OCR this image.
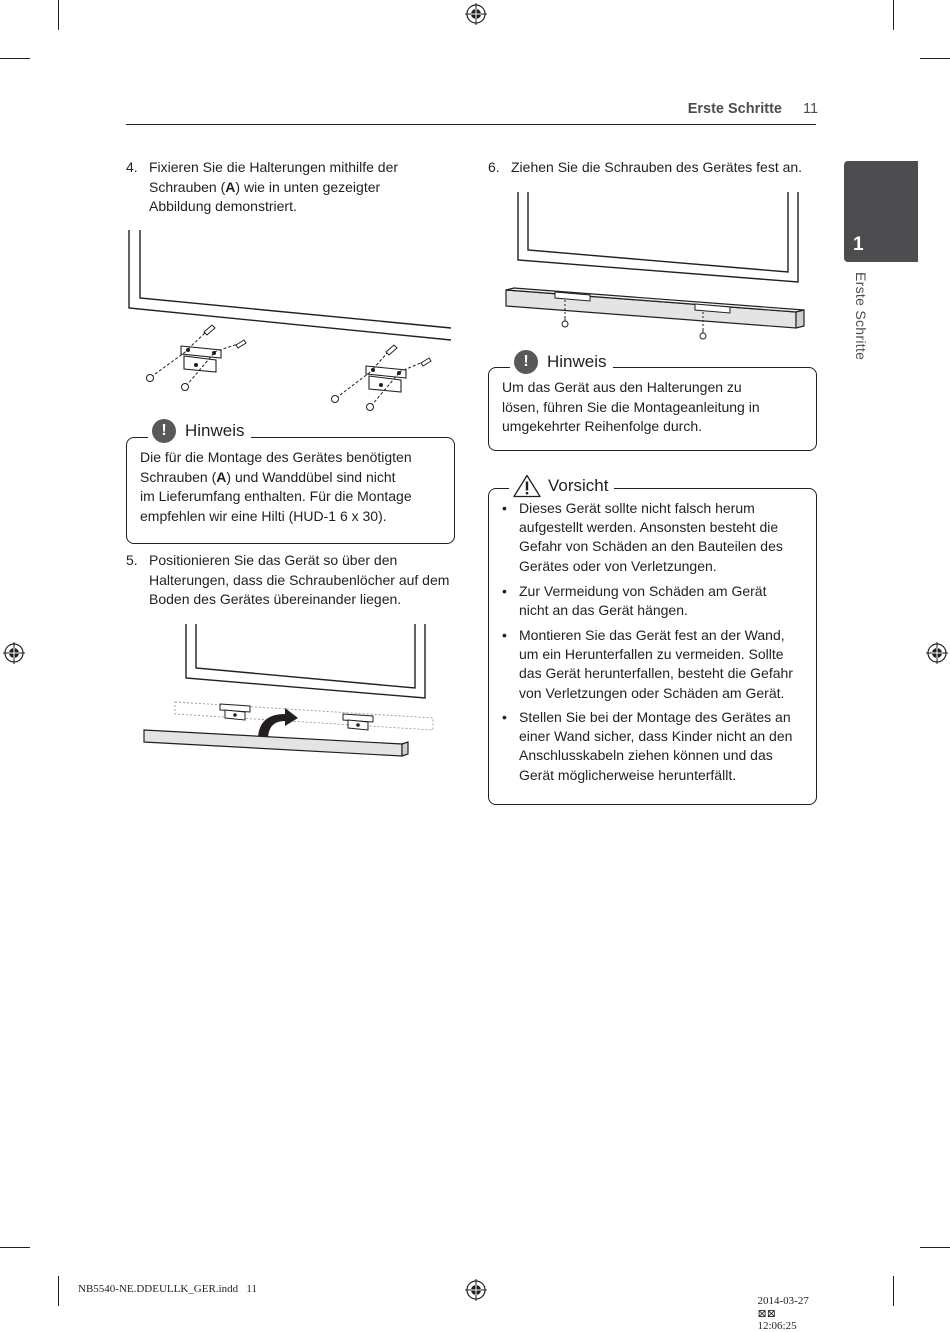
Erste Schritte 11
1
Erste Schritte
4. Fixieren Sie die Halterungen mithilfe der
Schrauben (A) wie in unten gezeigter
Abbildung demonstriert.
!	Hinweis
Die für die Montage des Gerätes benötigten
Schrauben (A) und Wanddübel sind nicht
im Lieferumfang enthalten. Für die Montage
empfehlen wir eine Hilti (HUD-1 6 x 30).
5. Positionieren Sie das Gerät so über den
Halterungen, dass die Schraubenlöcher auf dem
Boden des Gerätes übereinander liegen.
6. Ziehen Sie die Schrauben des Gerätes fest an.
!	Hinweis
Um das Gerät aus den Halterungen zu
lösen, führen Sie die Montageanleitung in
umgekehrter Reihenfolge durch.
Vorsicht
• Dieses Gerät sollte nicht falsch herum
aufgestellt werden. Ansonsten besteht die
Gefahr von Schäden an den Bauteilen des
Gerätes oder von Verletzungen.
• Zur Vermeidung von Schäden am Gerät
nicht an das Gerät hängen.
• Montieren Sie das Gerät fest an der Wand,
um ein Herunterfallen zu vermeiden. Sollte
das Gerät herunterfallen, besteht die Gefahr
von Verletzungen oder Schäden am Gerät.
• Stellen Sie bei der Montage des Gerätes an
einer Wand sicher, dass Kinder nicht an den
Anschlusskabeln ziehen können und das
Gerät möglicherweise herunterfällt.
NB5540-NE.DDEULLK_GER.indd   11

2014-03-27
⊠⊠
12:06:25
